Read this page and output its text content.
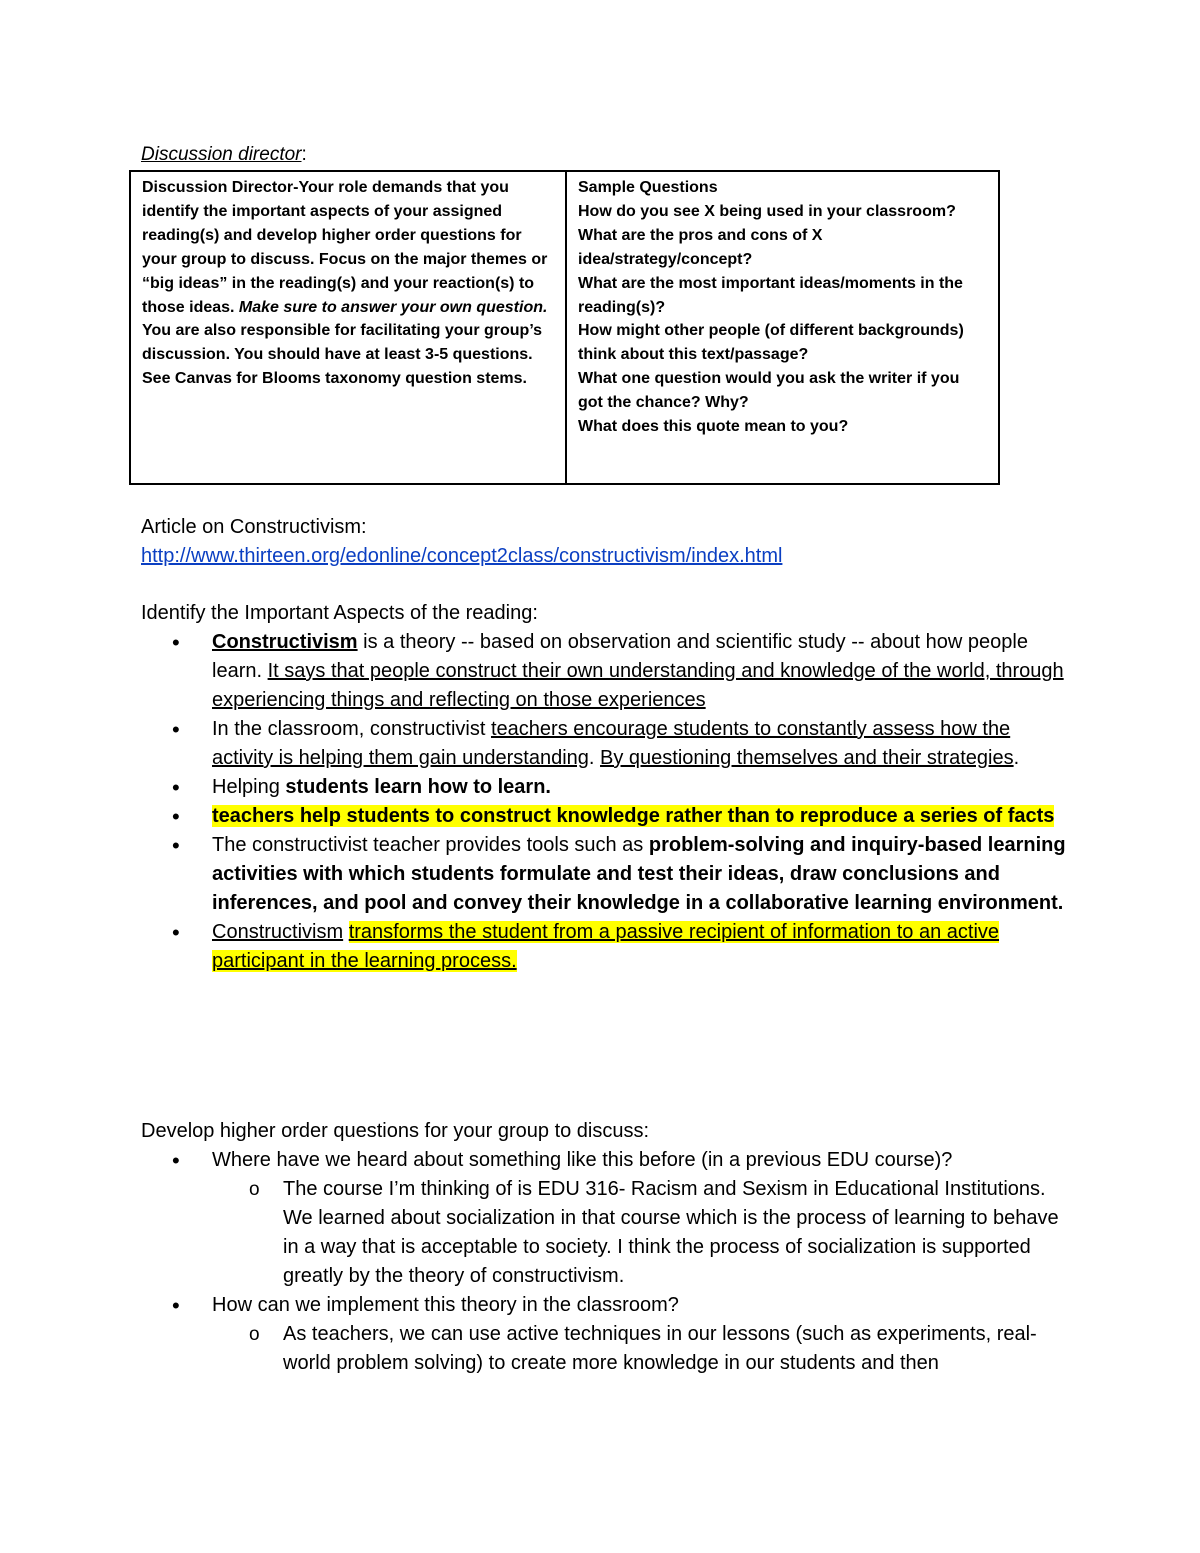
Discussion director:
Discussion Director-Your role demands that you identify the important aspects of your assigned reading(s) and develop higher order questions for your group to discuss. Focus on the major themes or “big ideas” in the reading(s) and your reaction(s) to those ideas. Make sure to answer your own question. You are also responsible for facilitating your group’s discussion. You should have at least 3-5 questions. See Canvas for Blooms taxonomy question stems.	
Sample Questions
How do you see X being used in your classroom?
What are the pros and cons of X idea/strategy/concept?
What are the most important ideas/moments in the reading(s)?
How might other people (of different backgrounds) think about this text/passage?
What one question would you ask the writer if you got the chance? Why?
What does this quote mean to you?
Article on Constructivism:
http://www.thirteen.org/edonline/concept2class/constructivism/index.html
Identify the Important Aspects of the reading:
• Constructivism is a theory -- based on observation and scientific study -- about how people learn. It says that people construct their own understanding and knowledge of the world, through experiencing things and reflecting on those experiences
• In the classroom, constructivist teachers encourage students to constantly assess how the activity is helping them gain understanding. By questioning themselves and their strategies.
• Helping students learn how to learn.
• teachers help students to construct knowledge rather than to reproduce a series of facts
• The constructivist teacher provides tools such as problem-solving and inquiry-based learning activities with which students formulate and test their ideas, draw conclusions and inferences, and pool and convey their knowledge in a collaborative learning environment.
• Constructivism transforms the student from a passive recipient of information to an active participant in the learning process.
Develop higher order questions for your group to discuss:
• Where have we heard about something like this before (in a previous EDU course)?
o The course I’m thinking of is EDU 316- Racism and Sexism in Educational Institutions. We learned about socialization in that course which is the process of learning to behave in a way that is acceptable to society. I think the process of socialization is supported greatly by the theory of constructivism.
• How can we implement this theory in the classroom?
o As teachers, we can use active techniques in our lessons (such as experiments, real-world problem solving) to create more knowledge in our students and then
